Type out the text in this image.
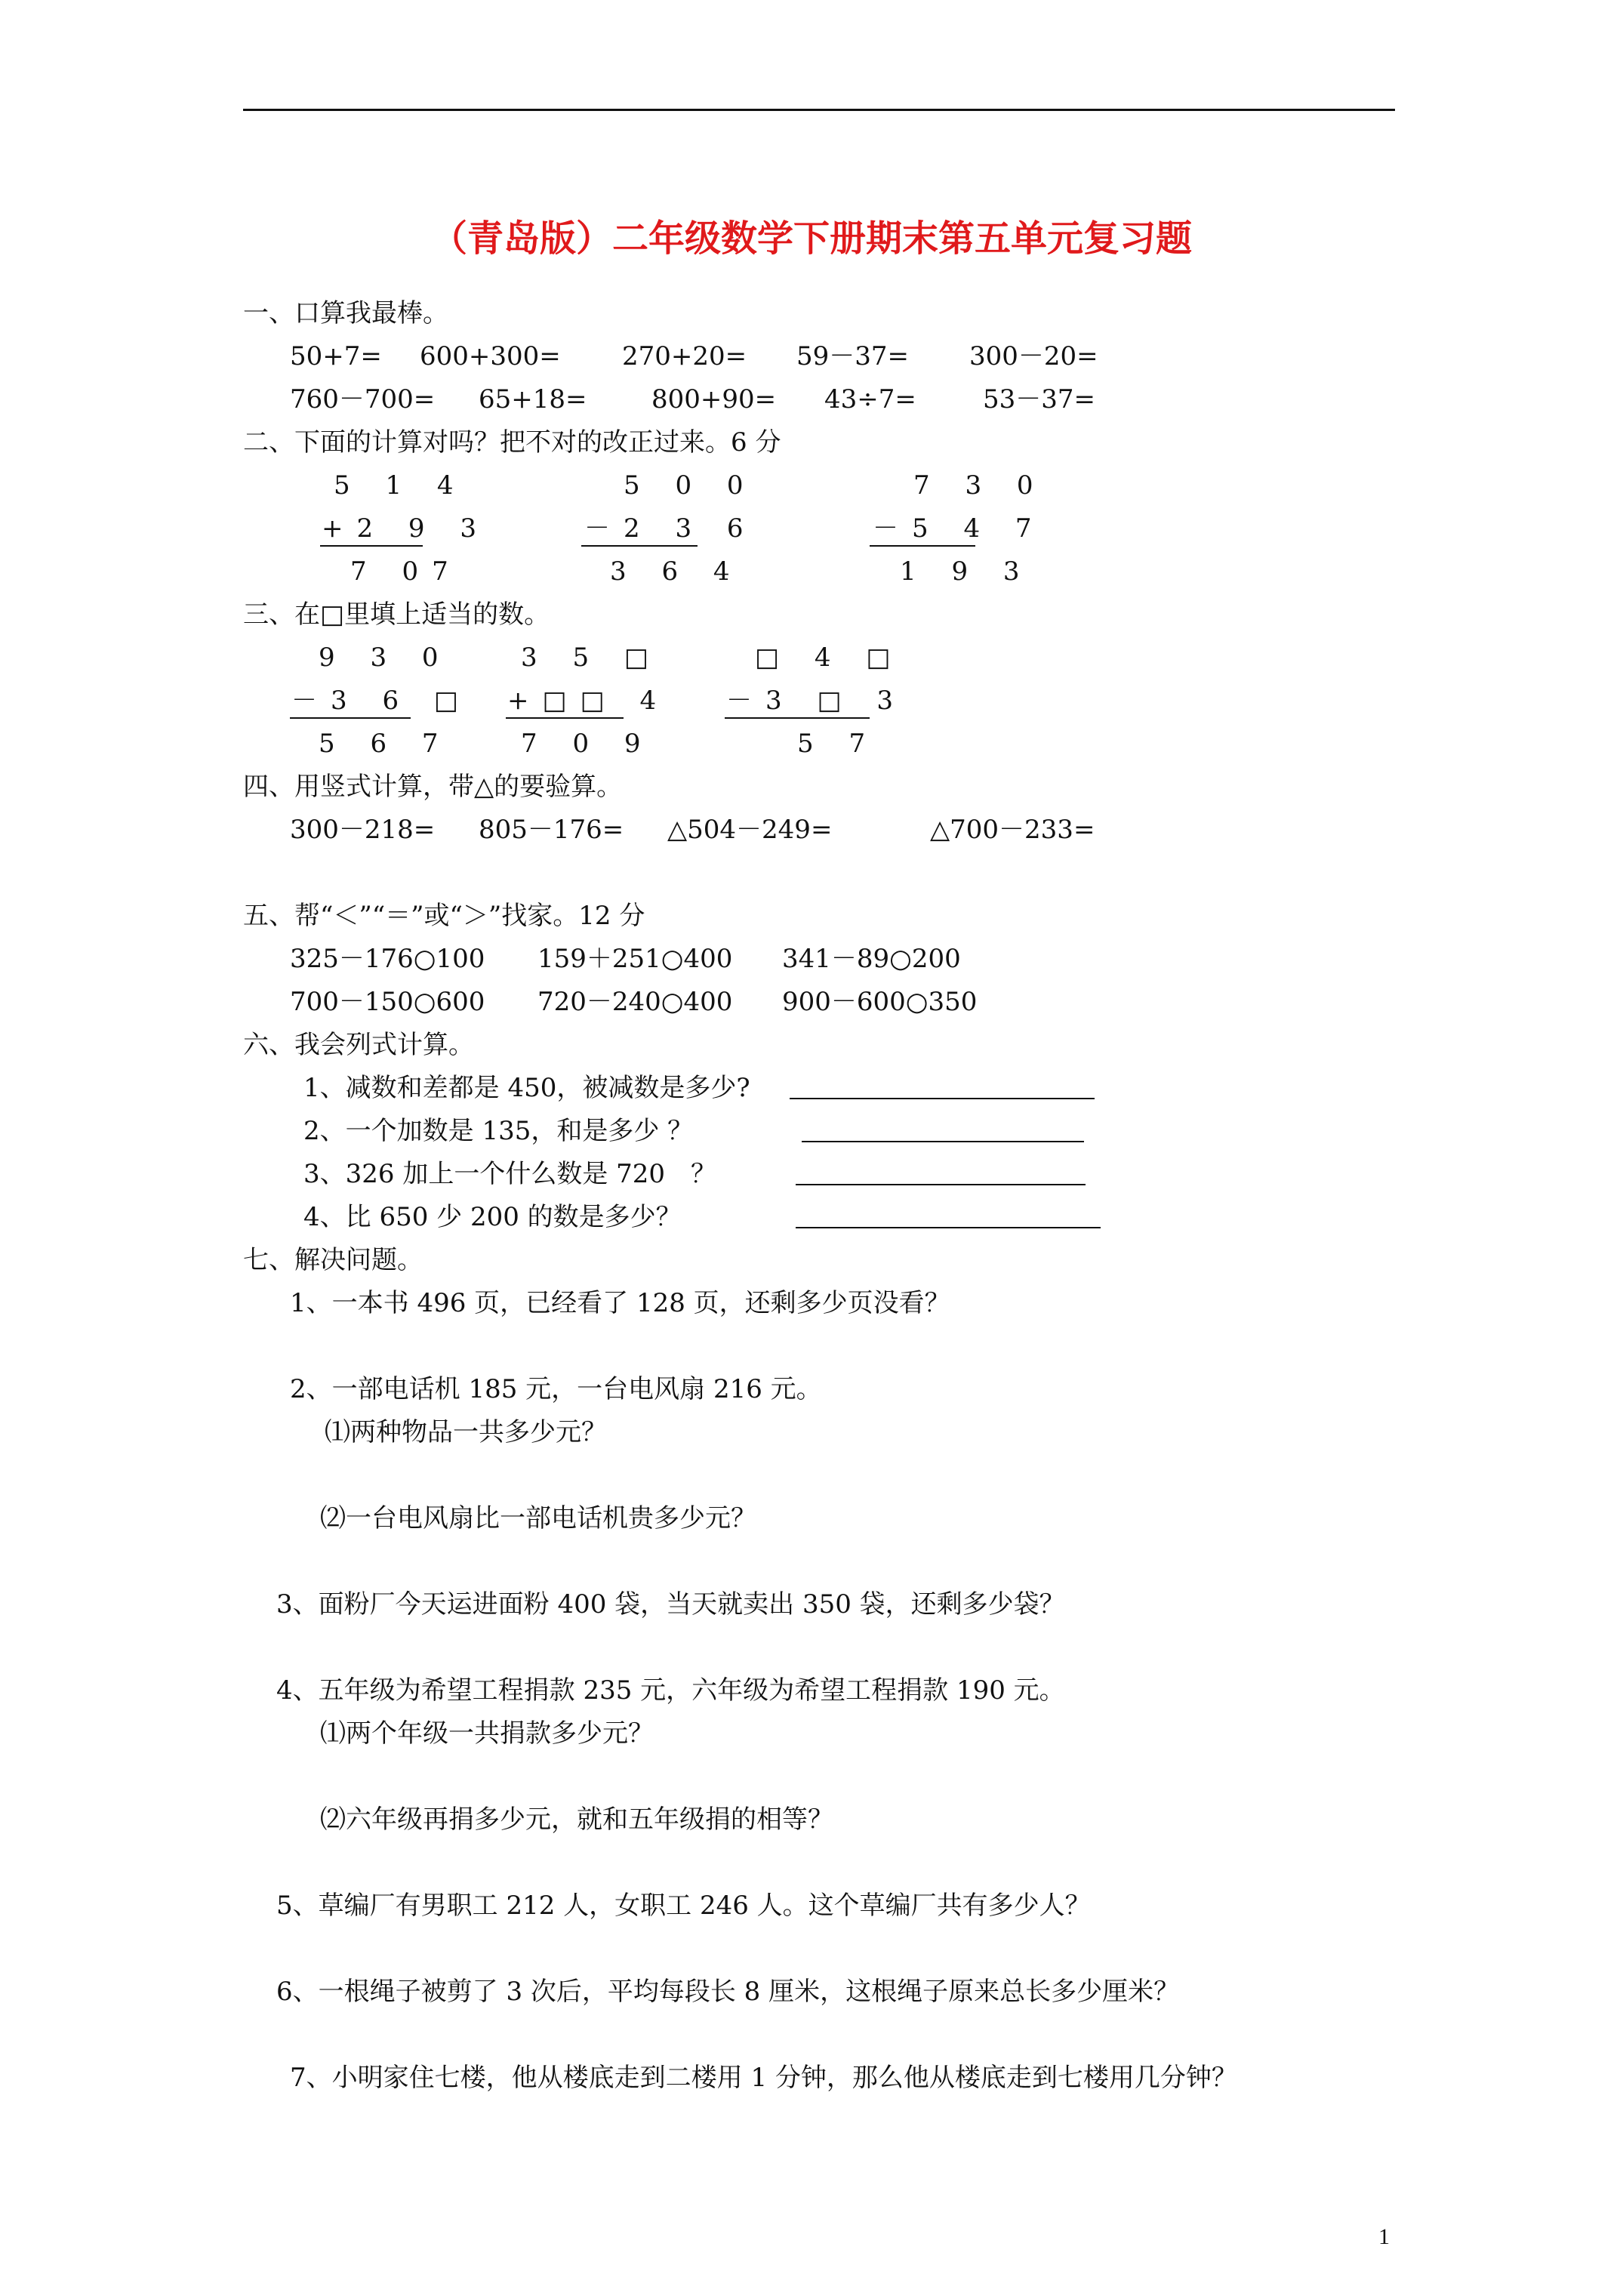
（青岛版）二年级数学下册期末第五单元复习题
一、口算我最棒。
50+7= 600+300= 270+20= 59－37= 300－20=
760－700= 65+18=	800+90= 43÷7=	53－37=
二、下面的计算对吗？把不对的改正过来。6 分
5 1 4
+2 9 3
7 07
5 0 0
－2 3 6
3 6 4
7 3 0
－5 4 7
1 9 3
三、在□里填上适当的数。
9 3 0
－3 6 □
5 6 7
3 5 □
+□□ 4
7 0 9
□ 4 □
－3 □ 3
5 7
四、用竖式计算，带△的要验算。
300－218= 805－176= △504－249=	△700－233=
五、帮“＜”“＝”或“＞”找家。12 分
325－176○100 159＋251○400 341－89○200
700－150○600 720－240○400 900－600○350
六、我会列式计算。
1、减数和差都是 450，被减数是多少?
2、一个加数是 135，和是多少 ？
3、326 加上一个什么数是 720　？
4、比 650 少 200 的数是多少？
七、解决问题。
1、一本书 496 页，已经看了 128 页，还剩多少页没看？
2、一部电话机 185 元，一台电风扇 216 元。
⑴两种物品一共多少元？
⑵一台电风扇比一部电话机贵多少元？
3、面粉厂今天运进面粉 400 袋，当天就卖出 350 袋，还剩多少袋？
4、五年级为希望工程捐款 235 元，六年级为希望工程捐款 190 元。
⑴两个年级一共捐款多少元？
⑵六年级再捐多少元，就和五年级捐的相等？
5、草编厂有男职工 212 人，女职工 246 人。这个草编厂共有多少人？
6、一根绳子被剪了 3 次后，平均每段长 8 厘米，这根绳子原来总长多少厘米？
7、小明家住七楼，他从楼底走到二楼用 1 分钟，那么他从楼底走到七楼用几分钟？
1
